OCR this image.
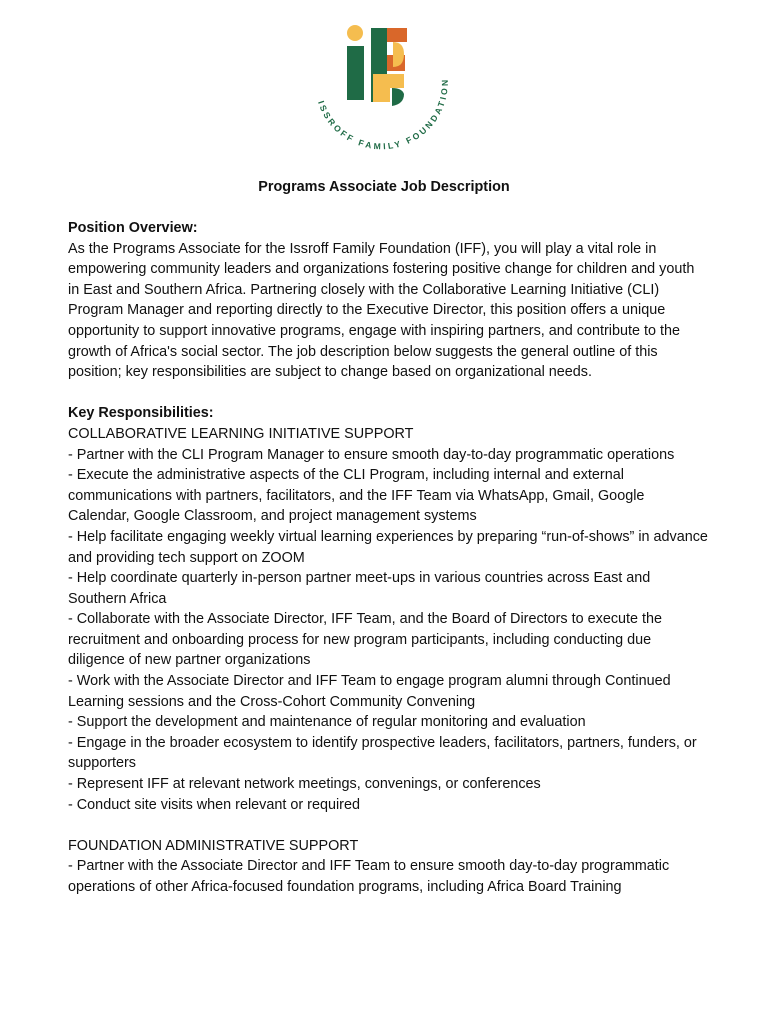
ISSROFF FAMILY FOUNDATION
Programs Associate Job Description

Position Overview:

As the Programs Associate for the Issroff Family Foundation (IFF), you will play a vital role in empowering community leaders and organizations fostering positive change for children and youth in East and Southern Africa. Partnering closely with the Collaborative Learning Initiative (CLI) Program Manager and reporting directly to the Executive Director, this position offers a unique opportunity to support innovative programs, engage with inspiring partners, and contribute to the growth of Africa's social sector. The job description below suggests the general outline of this position; key responsibilities are subject to change based on organizational needs.

Key Responsibilities:

COLLABORATIVE LEARNING INITIATIVE SUPPORT

- Partner with the CLI Program Manager to ensure smooth day-to-day programmatic operations
- Execute the administrative aspects of the CLI Program, including internal and external communications with partners, facilitators, and the IFF Team via WhatsApp, Gmail, Google Calendar, Google Classroom, and project management systems
- Help facilitate engaging weekly virtual learning experiences by preparing “run-of-shows” in advance and providing tech support on ZOOM
- Help coordinate quarterly in-person partner meet-ups in various countries across East and Southern Africa
- Collaborate with the Associate Director, IFF Team, and the Board of Directors to execute the recruitment and onboarding process for new program participants, including conducting due diligence of new partner organizations
- Work with the Associate Director and IFF Team to engage program alumni through Continued Learning sessions and the Cross-Cohort Community Convening
- Support the development and maintenance of regular monitoring and evaluation
- Engage in the broader ecosystem to identify prospective leaders, facilitators, partners, funders, or supporters
- Represent IFF at relevant network meetings, convenings, or conferences
- Conduct site visits when relevant or required

FOUNDATION ADMINISTRATIVE SUPPORT

- Partner with the Associate Director and IFF Team to ensure smooth day-to-day programmatic operations of other Africa-focused foundation programs, including Africa Board Training
